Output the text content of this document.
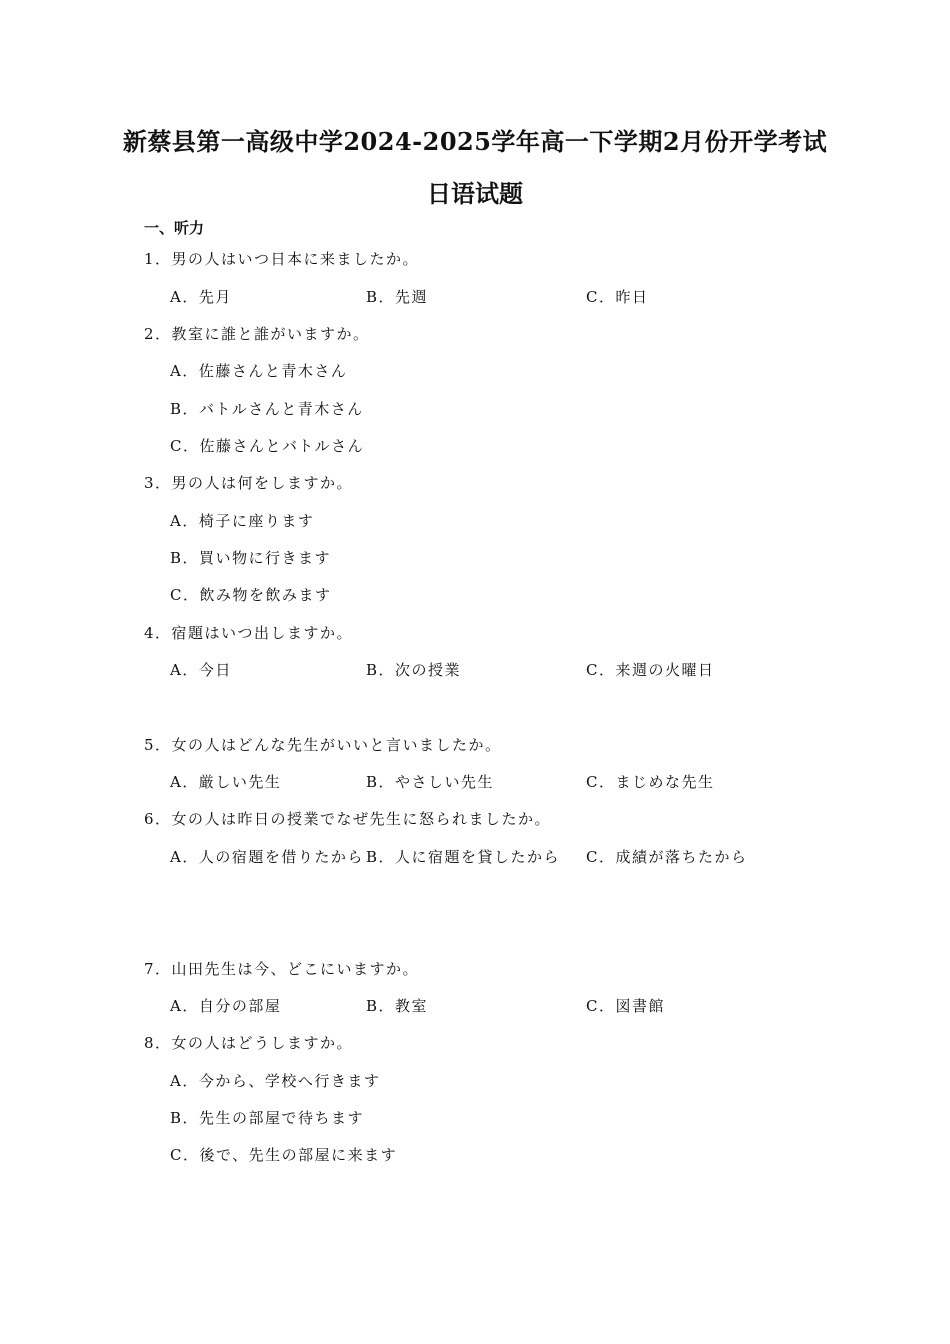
新蔡县第一高级中学2024-2025学年高一下学期2月份开学考试
日语试题
一、听力
1．男の人はいつ日本に来ましたか。
A．先月	B．先週	C．昨日
2．教室に誰と誰がいますか。
A．佐藤さんと青木さん
B．バトルさんと青木さん
C．佐藤さんとバトルさん
3．男の人は何をしますか。
A．椅子に座ります
B．買い物に行きます
C．飲み物を飲みます
4．宿題はいつ出しますか。
A．今日	B．次の授業	C．来週の火曜日
5．女の人はどんな先生がいいと言いましたか。
A．厳しい先生	B．やさしい先生	C．まじめな先生
6．女の人は昨日の授業でなぜ先生に怒られましたか。
A．人の宿題を借りたから B．人に宿題を貸したから C．成績が落ちたから
7．山田先生は今、どこにいますか。
A．自分の部屋	B．教室	C．図書館
8．女の人はどうしますか。
A．今から、学校へ行きます
B．先生の部屋で待ちます
C．後で、先生の部屋に来ます
